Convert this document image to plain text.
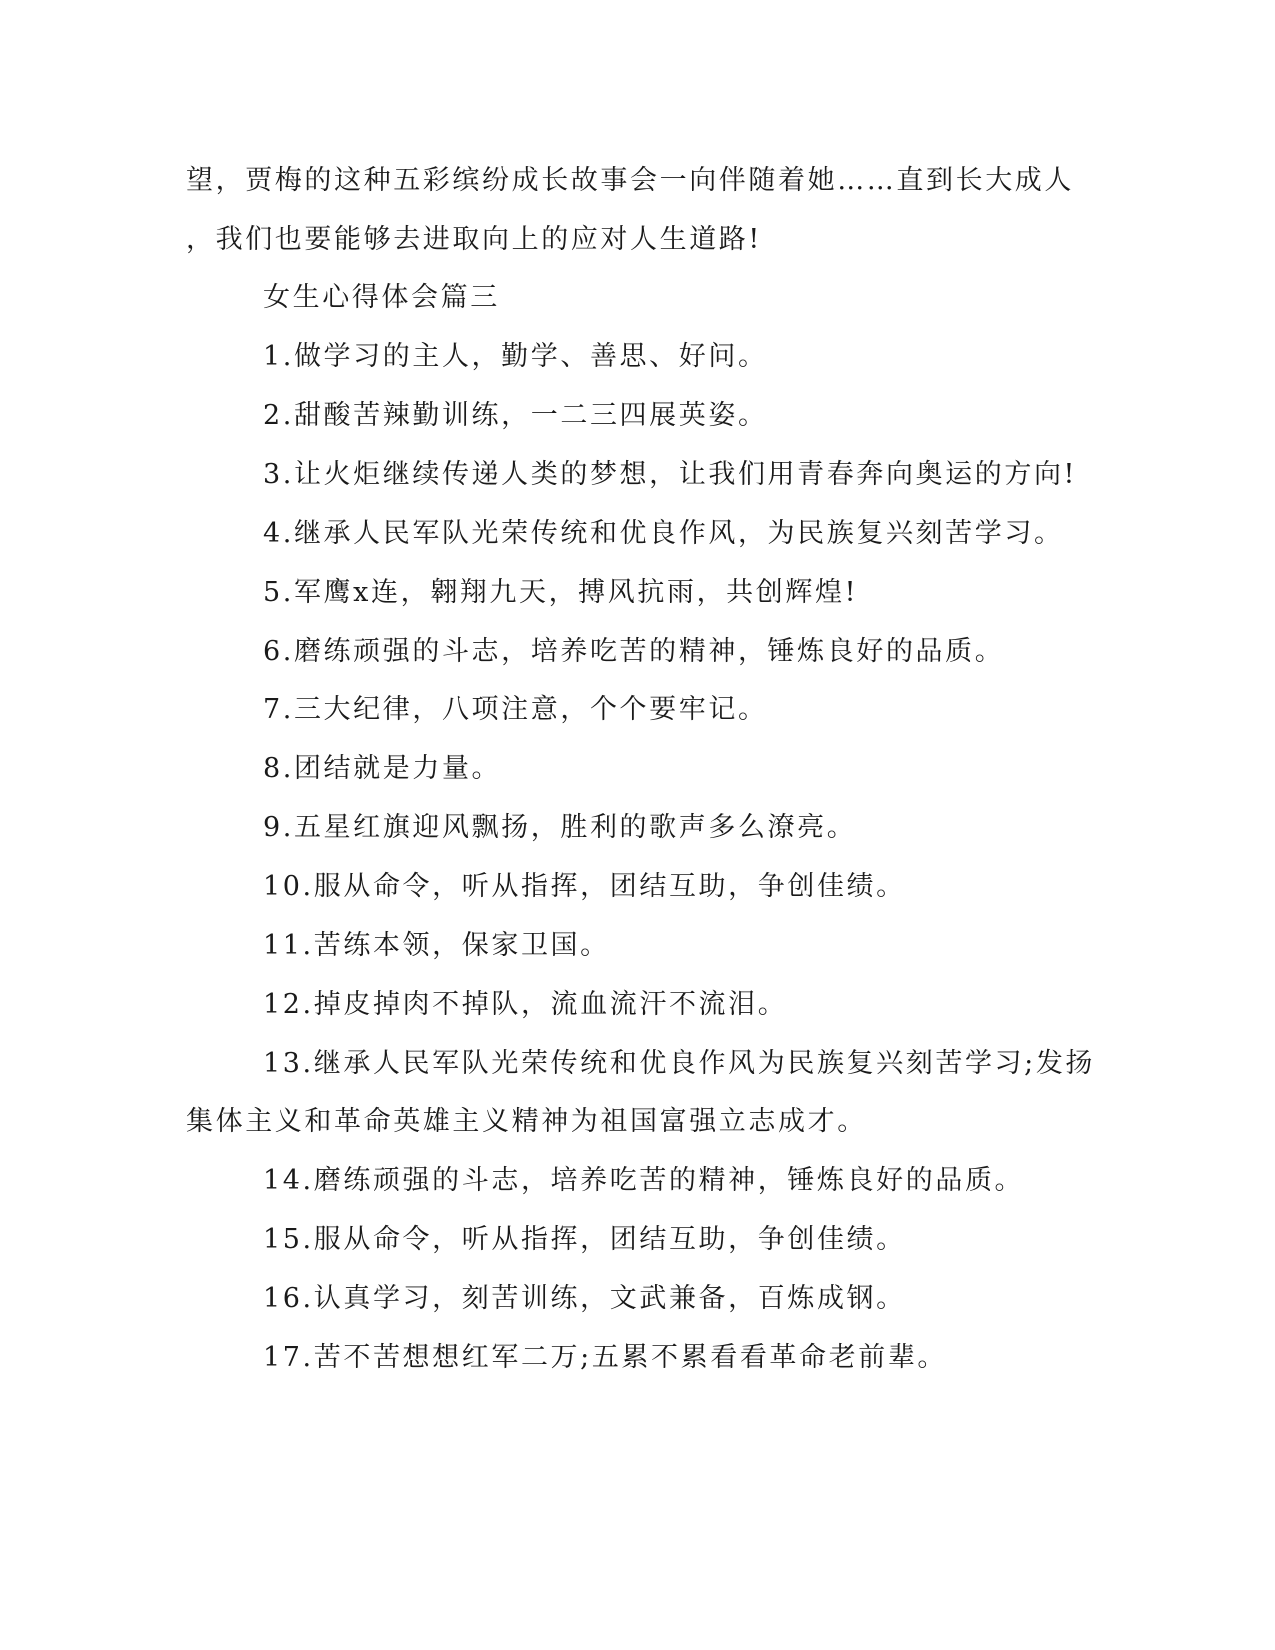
望，贾梅的这种五彩缤纷成长故事会一向伴随着她……直到长大成人
，我们也要能够去进取向上的应对人生道路!
女生心得体会篇三
1.做学习的主人，勤学、善思、好问。
2.甜酸苦辣勤训练，一二三四展英姿。
3.让火炬继续传递人类的梦想，让我们用青春奔向奥运的方向!
4.继承人民军队光荣传统和优良作风，为民族复兴刻苦学习。
5.军鹰x连，翱翔九天，搏风抗雨，共创辉煌!
6.磨练顽强的斗志，培养吃苦的精神，锤炼良好的品质。
7.三大纪律，八项注意，个个要牢记。
8.团结就是力量。
9.五星红旗迎风飘扬，胜利的歌声多么潦亮。
10.服从命令，听从指挥，团结互助，争创佳绩。
11.苦练本领，保家卫国。
12.掉皮掉肉不掉队，流血流汗不流泪。
13.继承人民军队光荣传统和优良作风为民族复兴刻苦学习;发扬
集体主义和革命英雄主义精神为祖国富强立志成才。
14.磨练顽强的斗志，培养吃苦的精神，锤炼良好的品质。
15.服从命令，听从指挥，团结互助，争创佳绩。
16.认真学习，刻苦训练，文武兼备，百炼成钢。
17.苦不苦想想红军二万;五累不累看看革命老前辈。
